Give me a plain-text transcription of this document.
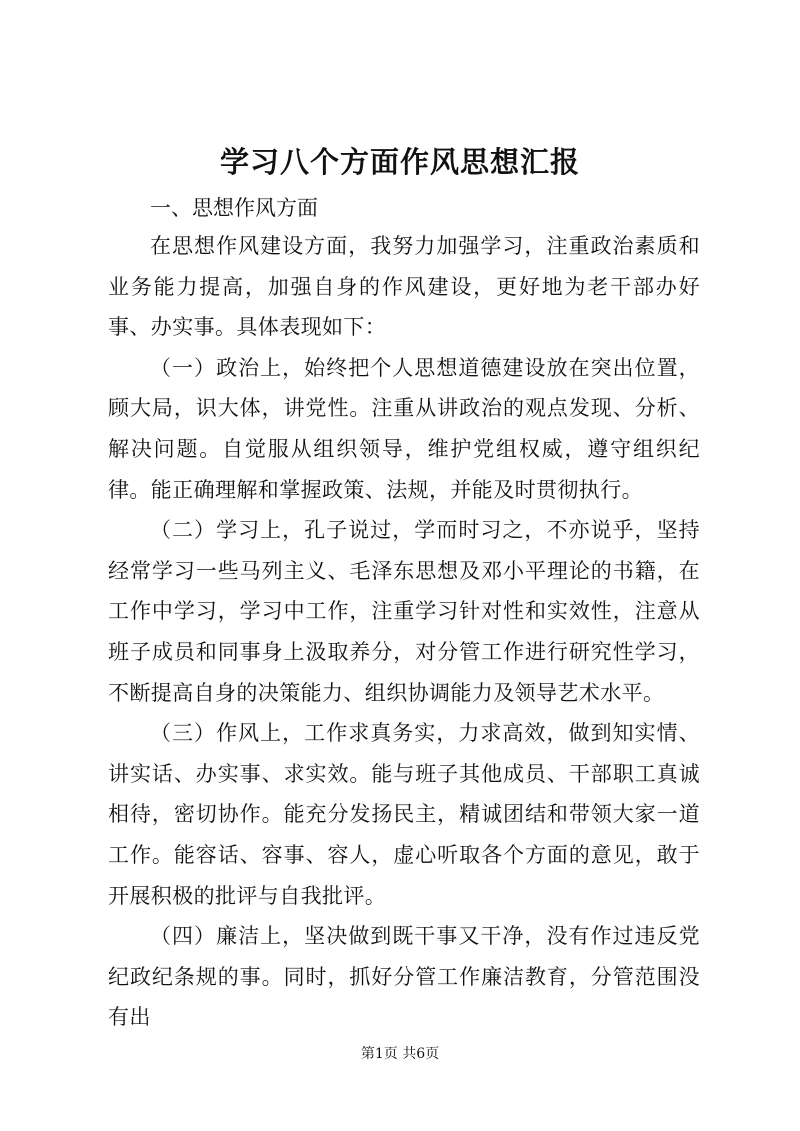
学习八个方面作风思想汇报
一、思想作风方面

在思想作风建设方面，我努力加强学习，注重政治素质和业务能力提高，加强自身的作风建设，更好地为老干部办好事、办实事。具体表现如下：

（一）政治上，始终把个人思想道德建设放在突出位置，顾大局，识大体，讲党性。注重从讲政治的观点发现、分析、解决问题。自觉服从组织领导，维护党组权威，遵守组织纪律。能正确理解和掌握政策、法规，并能及时贯彻执行。

（二）学习上，孔子说过，学而时习之，不亦说乎，坚持经常学习一些马列主义、毛泽东思想及邓小平理论的书籍，在工作中学习，学习中工作，注重学习针对性和实效性，注意从班子成员和同事身上汲取养分，对分管工作进行研究性学习，不断提高自身的决策能力、组织协调能力及领导艺术水平。

（三）作风上，工作求真务实，力求高效，做到知实情、讲实话、办实事、求实效。能与班子其他成员、干部职工真诚相待，密切协作。能充分发扬民主，精诚团结和带领大家一道工作。能容话、容事、容人，虚心听取各个方面的意见，敢于开展积极的批评与自我批评。

（四）廉洁上，坚决做到既干事又干净，没有作过违反党纪政纪条规的事。同时，抓好分管工作廉洁教育，分管范围没有出

第1页 共6页
